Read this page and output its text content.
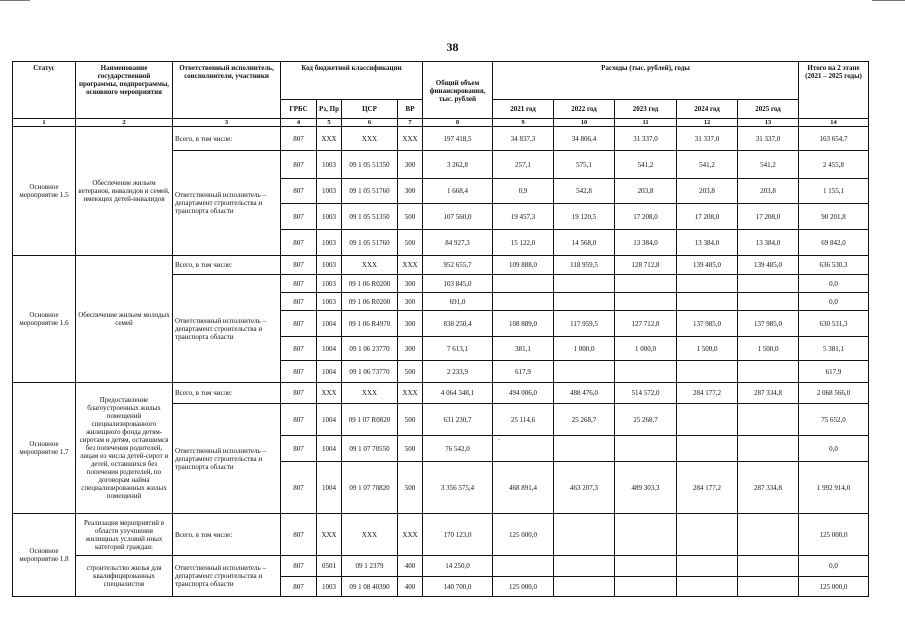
38
Статус	Наименование государственной программы, подпрограммы, основного мероприятия	Ответственный исполнитель, соисполнители, участники	Код бюджетной классификации				Общий объем финансирования, тыс. рублей	Расходы (тыс. рублей), годы					Итого на 2 этапе (2021 – 2025 годы)
			ГРБС	Рз, Пр	ЦСР	ВР		2021 год	2022 год	2023 год	2024 год	2025 год	
1	2	3	4	5	6	7	8	9	10	11	12	13	14
Основное мероприятие 1.5	Обеспечение жильем ветеранов, инвалидов и семей, имеющих детей-инвалидов	Всего, в том числе:	807	ХХХ	ХХХ	ХХХ	197 418,5	34 837,3	34 806,4	31 337,0	31 337,0	31 337,0	163 654,7
		Ответственный исполнитель – департамент строительства и транспорта области	807	1003	09 1 05 51350	300	3 262,8	257,1	575,1	541,2	541,2	541,2	2 455,8
			807	1003	09 1 05 51760	300	1 668,4	0,9	542,8	203,8	203,8	203,8	1 155,1
			807	1003	09 1 05 51350	500	107 560,0	19 457,3	19 120,5	17 208,0	17 208,0	17 208,0	90 201,8
			807	1003	09 1 05 51760	500	84 927,3	15 122,0	14 568,0	13 384,0	13 384,0	13 384,0	69 842,0
Основное мероприятие 1.6	Обеспечение жильем молодых семей	Всего, в том числе:	807	1003	ХХХ	ХХХ	952 655,7	109 888,0	118 959,5	128 712,8	139 485,0	139 485,0	636 530,3
		Ответственный исполнитель – департамент строительства и транспорта области	807	1003	09 1 06 R0200	300	103 845,0						0,0
			807	1003	09 1 06 R0200	300	691,0						0,0
			807	1004	09 1 06 R4970	300	838 250,4	108 889,0	117 959,5	127 712,8	137 985,0	137 985,0	630 531,3
			807	1004	09 1 06 23770	300	7 613,1	381,1	1 000,0	1 000,0	1 500,0	1 500,0	5 381,1
			807	1004	09 1 06 73770	500	2 233,9	617,9					617,9
Основное мероприятие 1.7	Предоставление благоустроенных жилых помещений специализированного жилищного фонда детям-сиротам и детям, оставшимся без попечения родителей, лицам из числа детей-сирот и детей, оставшихся без попечения родителей, по договорам найма специализированных жилых помещений	Всего, в том числе:	807	ХХХ	ХХХ	ХХХ	4 064 348,1	494 006,0	488 476,0	514 572,0	284 177,2	287 334,8	2 068 566,0
		Ответственный исполнитель – департамент строительства и транспорта области	807	1004	09 1 07 R0820	500	631 230,7	25 114,6	25 268,7	25 268,7			75 652,0
			807	1004	09 1 07 70550	500	76 542,0	´					0,0
			807	1004	09 1 07 70820	500	3 356 575,4	468 891,4	463 207,3	489 303,3	284 177,2	287 334,8	1 992 914,0
Основное мероприятие 1.8	Реализация мероприятий в области улучшения жилищных условий иных категорий граждан:	Всего, в том числе:	807	ХХХ	ХХХ	ХХХ	170 123,0	125 000,0					125 000,0
	строительство жилья для квалифицированных специалистов	Ответственный исполнитель – департамент строительства и транспорта области	807	0501	09 1 2379	400	14 250,0						0,0
			807	1003	09 1 08 40390	400	140 700,0	125 000,0					125 000,0
